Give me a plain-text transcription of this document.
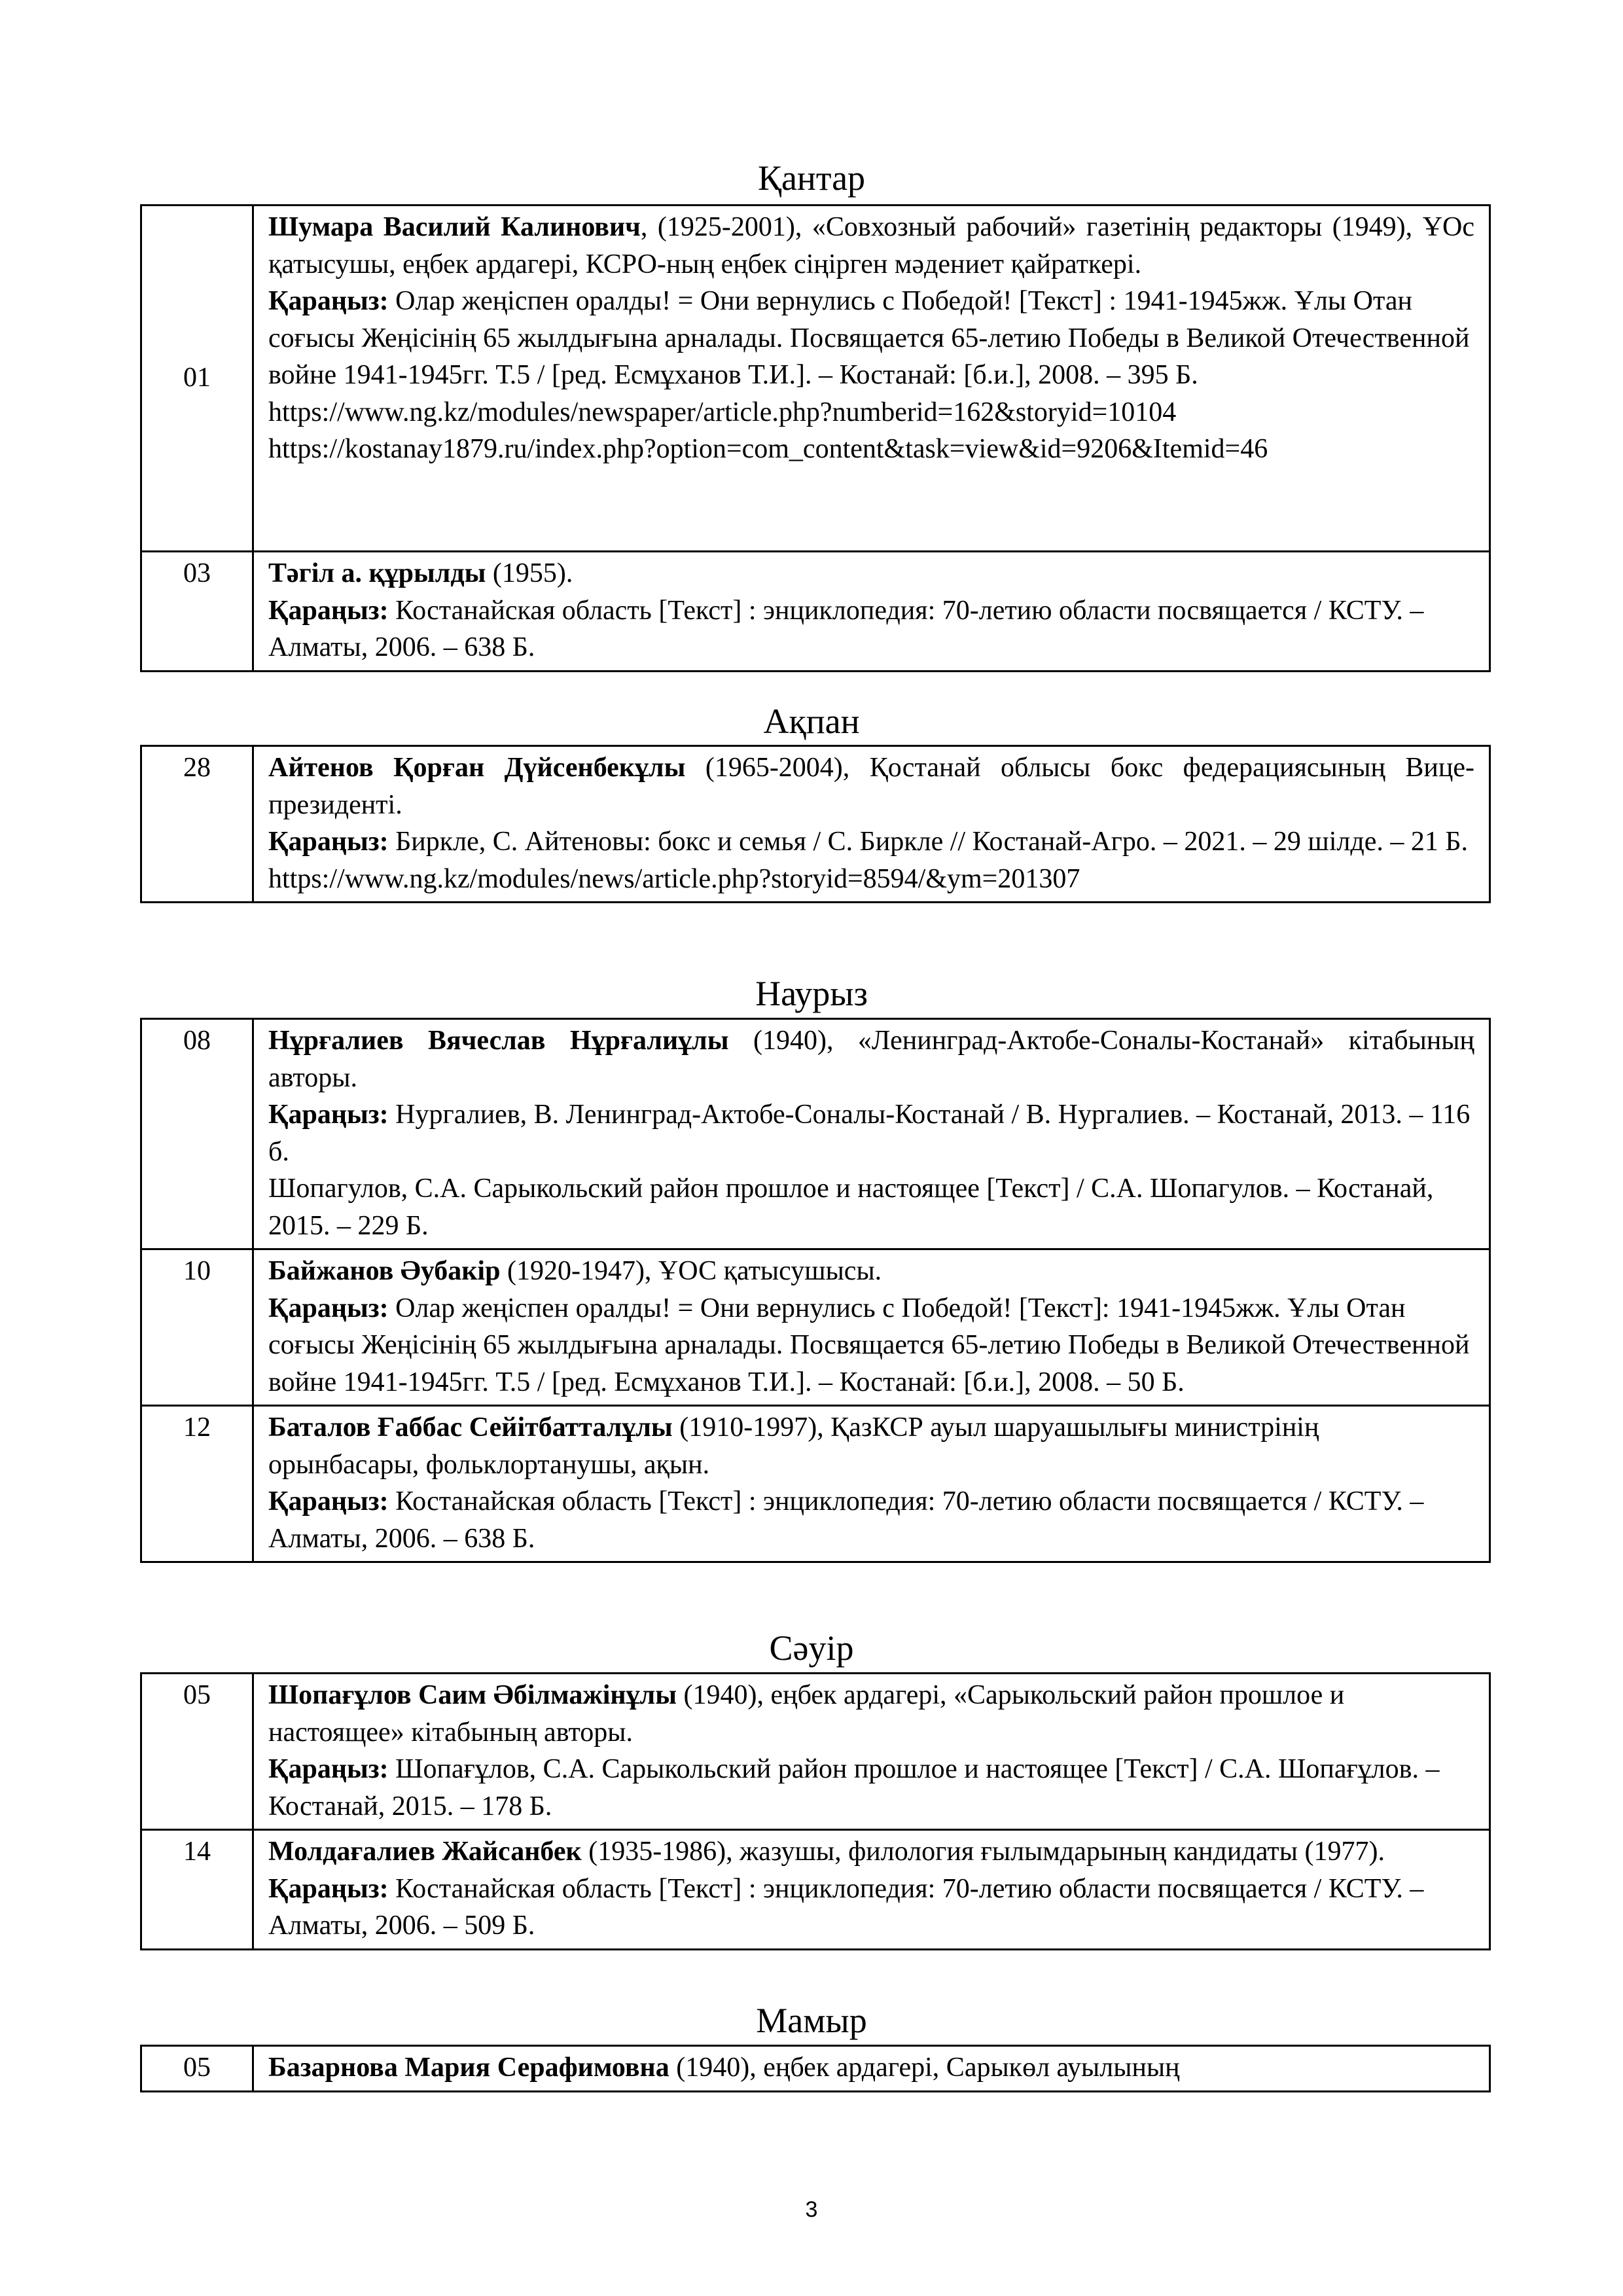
Қантар
01	Шумара Василий Калинович, (1925-2001), «Совхозный рабочий» газетінің редакторы (1949), ҰОс қатысушы, еңбек ардагері, КСРО-ның еңбек сіңірген мәдениет қайраткері.
Қараңыз: Олар жеңіспен оралды! = Они вернулись с Победой! [Текст] : 1941-1945жж. Ұлы Отан соғысы Жеңісінің 65 жылдығына арналады. Посвящается 65-летию Победы в Великой Отечественной войне 1941-1945гг. Т.5 / [ред. Есмұханов Т.И.]. – Костанай: [б.и.], 2008. – 395 Б.
https://www.ng.kz/modules/newspaper/article.php?numberid=162&storyid=10104
https://kostanay1879.ru/index.php?option=com_content&task=view&id=9206&Itemid=46

03	Тәгіл а. құрылды (1955).
Қараңыз: Костанайская область [Текст] : энциклопедия: 70-летию области посвящается / КСТУ. – Алматы, 2006. – 638 Б.
Ақпан
28	Айтенов Қорған Дүйсенбекұлы (1965-2004), Қостанай облысы бокс федерациясының Вице-президенті.
Қараңыз: Биркле, С. Айтеновы: бокс и семья / С. Биркле // Костанай-Агро. – 2021. – 29 шілде. – 21 Б.
https://www.ng.kz/modules/news/article.php?storyid=8594/&ym=201307
Наурыз
08	Нұрғалиев Вячеслав Нұрғалиұлы (1940), «Ленинград-Актобе-Соналы-Костанай» кітабының авторы.
Қараңыз: Нургалиев, В. Ленинград-Актобе-Соналы-Костанай / В. Нургалиев. – Костанай, 2013. – 116 б.
Шопагулов, С.А. Сарыкольский район прошлое и настоящее [Текст] / С.А. Шопагулов. – Костанай, 2015. – 229 Б.

10	Байжанов Әубакір (1920-1947), ҰОС қатысушысы.
Қараңыз: Олар жеңіспен оралды! = Они вернулись с Победой! [Текст]: 1941-1945жж. Ұлы Отан соғысы Жеңісінің 65 жылдығына арналады. Посвящается 65-летию Победы в Великой Отечественной войне 1941-1945гг. Т.5 / [ред. Есмұханов Т.И.]. – Костанай: [б.и.], 2008. – 50 Б.

12	Баталов Ғаббас Сейітбатталұлы (1910-1997), ҚазКСР ауыл шаруашылығы министрінің орынбасары, фольклортанушы, ақын.
Қараңыз: Костанайская область [Текст] : энциклопедия: 70-летию области посвящается / КСТУ. – Алматы, 2006. – 638 Б.
Сәуір
05	Шопағұлов Саим Әбілмажінұлы (1940), еңбек ардагері, «Сарыкольский район прошлое и настоящее» кітабының авторы.
Қараңыз: Шопағұлов, С.А. Сарыкольский район прошлое и настоящее [Текст] / С.А. Шопағұлов. – Костанай, 2015. – 178 Б.

14	Молдағалиев Жайсанбек (1935-1986), жазушы, филология ғылымдарының кандидаты (1977).
Қараңыз: Костанайская область [Текст] : энциклопедия: 70-летию области посвящается / КСТУ. – Алматы, 2006. – 509 Б.
Мамыр
05	Базарнова Мария Серафимовна (1940), еңбек ардагері, Сарыкөл ауылының
3
